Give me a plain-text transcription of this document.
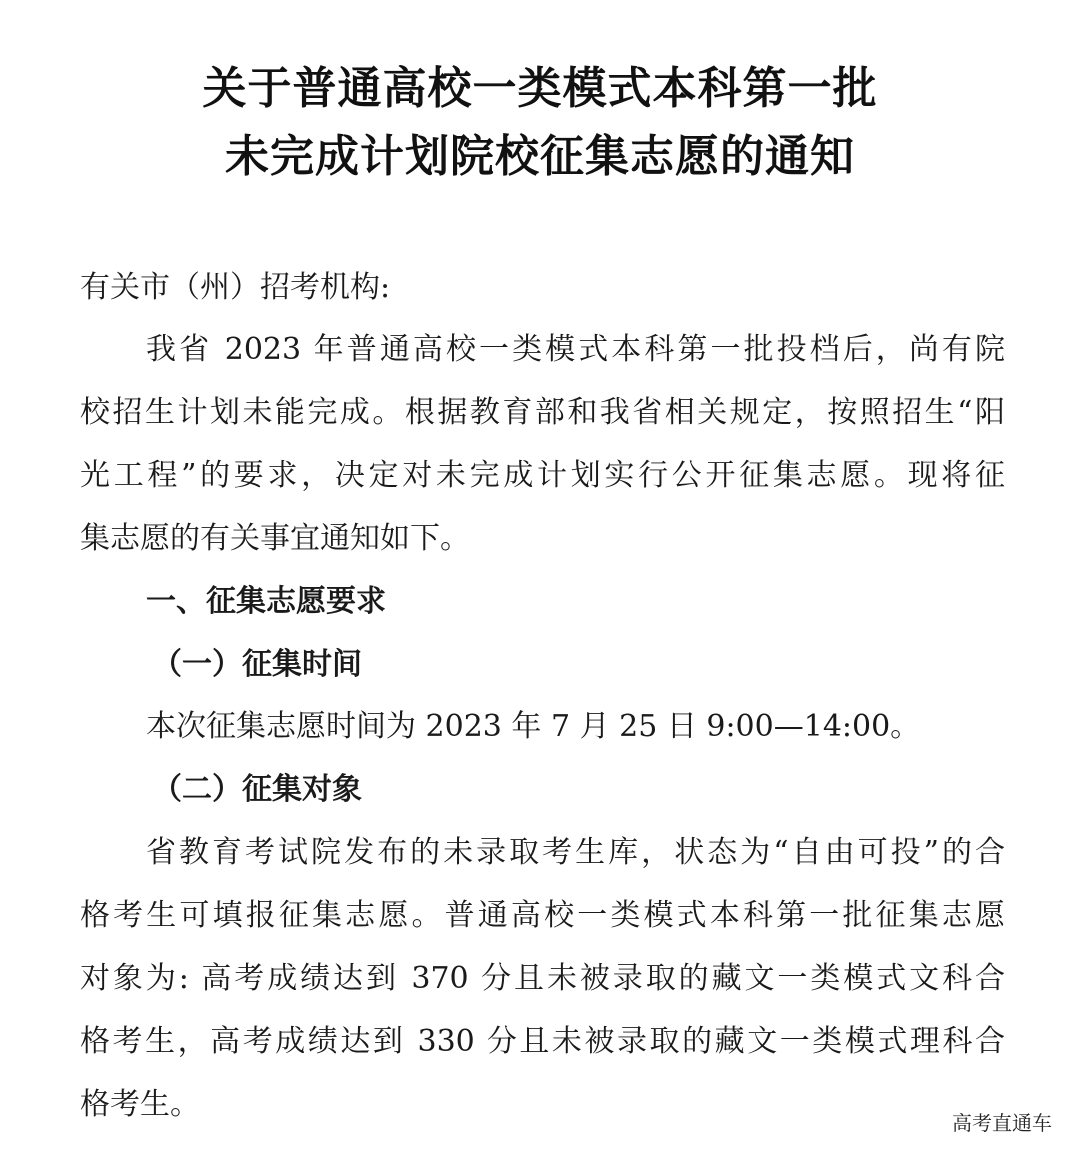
关于普通高校一类模式本科第一批
未完成计划院校征集志愿的通知
有关市（州）招考机构:
我省 2023 年普通高校一类模式本科第一批投档后，尚有院
校招生计划未能完成。根据教育部和我省相关规定，按照招生“阳
光工程”的要求，决定对未完成计划实行公开征集志愿。现将征
集志愿的有关事宜通知如下。
一、征集志愿要求
（一）征集时间
本次征集志愿时间为 2023 年 7 月 25 日 9:00—14:00。
（二）征集对象
省教育考试院发布的未录取考生库，状态为“自由可投”的合
格考生可填报征集志愿。普通高校一类模式本科第一批征集志愿
对象为: 高考成绩达到 370 分且未被录取的藏文一类模式文科合
格考生，高考成绩达到 330 分且未被录取的藏文一类模式理科合
格考生。
高考直通车
